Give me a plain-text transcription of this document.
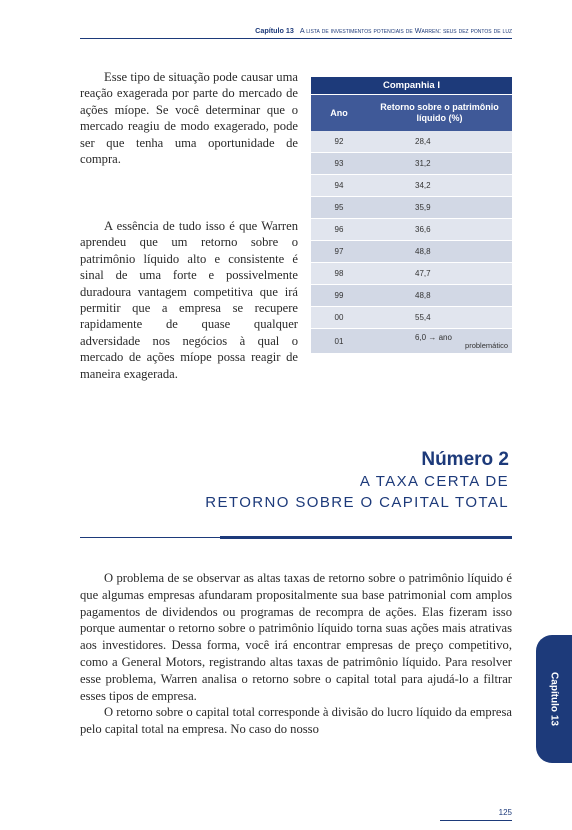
Capítulo 13 A lista de investimentos potenciais de Warren: seus dez pontos de luz
Companhia I
Ano
Retorno sobre o patrimônio líquido (%)
92	28,4
93	31,2
94	34,2
95	35,9
96	36,6
97	48,8
98	47,7
99	48,8
00	55,4
01	6,0 → ano
problemático

Esse tipo de situação pode causar uma reação exagerada por parte do mercado de ações míope. Se você determinar que o mercado reagiu de modo exagerado, pode ser que tenha uma oportunidade de compra.

A essência de tudo isso é que Warren aprendeu que um retorno sobre o patrimônio líquido alto e consistente é sinal de uma forte e possivelmente duradoura vantagem competitiva que irá permitir que a empresa se recupere rapidamente de quase qualquer adversidade nos negócios à qual o mercado de ações míope possa reagir de maneira exagerada.
Número 2
A TAXA CERTA DE
RETORNO SOBRE O CAPITAL TOTAL
O problema de se observar as altas taxas de retorno sobre o patrimônio líquido é que algumas empresas afundaram propositalmente sua base patrimonial com amplos pagamentos de dividendos ou programas de recompra de ações. Elas fizeram isso porque aumentar o retorno sobre o patrimônio líquido torna suas ações mais atrativas aos investidores. Dessa forma, você irá encontrar empresas de preço competitivo, como a General Motors, registrando altas taxas de patrimônio líquido. Para resolver esse problema, Warren analisa o retorno sobre o capital total para ajudá-lo a filtrar esses tipos de empresa.
O retorno sobre o capital total corresponde à divisão do lucro líquido da empresa pelo capital total na empresa. No caso do nosso
Capítulo 13
125
